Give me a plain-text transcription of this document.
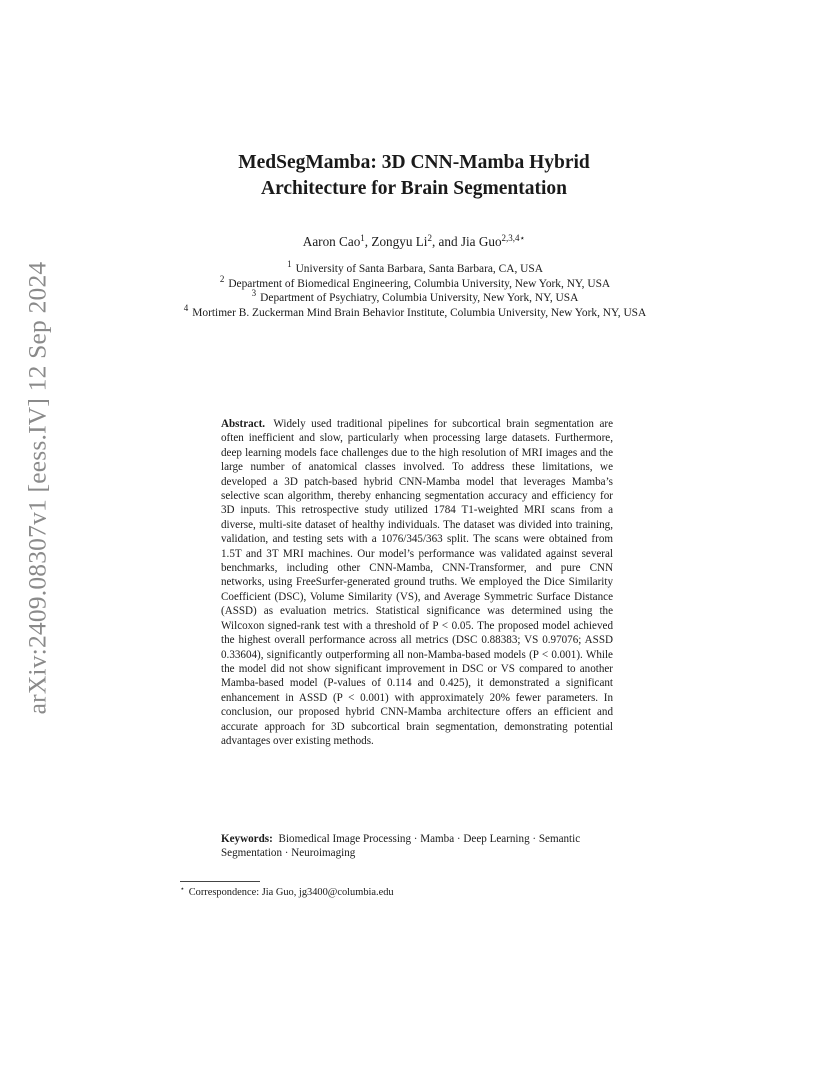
arXiv:2409.08307v1 [eess.IV] 12 Sep 2024
MedSegMamba: 3D CNN-Mamba Hybrid
Architecture for Brain Segmentation
Aaron Cao$^1$, Zongyu Li$^2$, and Jia Guo$^{2,3,4⋆}$
$^1$ University of Santa Barbara, Santa Barbara, CA, USA
$^2$ Department of Biomedical Engineering, Columbia University, New York, NY, USA
$^3$ Department of Psychiatry, Columbia University, New York, NY, USA
$^4$ Mortimer B. Zuckerman Mind Brain Behavior Institute, Columbia University, New York, NY, USA

Abstract. Widely used traditional pipelines for subcortical brain segmentation are often inefficient and slow, particularly when processing large datasets. Furthermore, deep learning models face challenges due to the high resolution of MRI images and the large number of anatomical classes involved. To address these limitations, we developed a 3D patch-based hybrid CNN-Mamba model that leverages Mamba’s selective scan algorithm, thereby enhancing segmentation accuracy and efficiency for 3D inputs. This retrospective study utilized 1784 T1-weighted MRI scans from a diverse, multi-site dataset of healthy individuals. The dataset was divided into training, validation, and testing sets with a 1076/345/363 split. The scans were obtained from 1.5T and 3T MRI machines. Our model’s performance was validated against several benchmarks, including other CNN-Mamba, CNN-Transformer, and pure CNN networks, using FreeSurfer-generated ground truths. We employed the Dice Similarity Coefficient (DSC), Volume Similarity (VS), and Average Symmetric Surface Distance (ASSD) as evaluation metrics. Statistical significance was determined using the Wilcoxon signed-rank test with a threshold of P < 0.05. The proposed model achieved the highest overall performance across all metrics (DSC 0.88383; VS 0.97076; ASSD 0.33604), significantly outperforming all non-Mamba-based models (P < 0.001). While the model did not show significant improvement in DSC or VS compared to another Mamba-based model (P-values of 0.114 and 0.425), it demonstrated a significant enhancement in ASSD (P < 0.001) with approximately 20% fewer parameters. In conclusion, our proposed hybrid CNN-Mamba architecture offers an efficient and accurate approach for 3D subcortical brain segmentation, demonstrating potential advantages over existing methods.

Keywords: Biomedical Image Processing · Mamba · Deep Learning · Semantic Segmentation · Neuroimaging

⋆ Correspondence: Jia Guo, jg3400@columbia.edu
